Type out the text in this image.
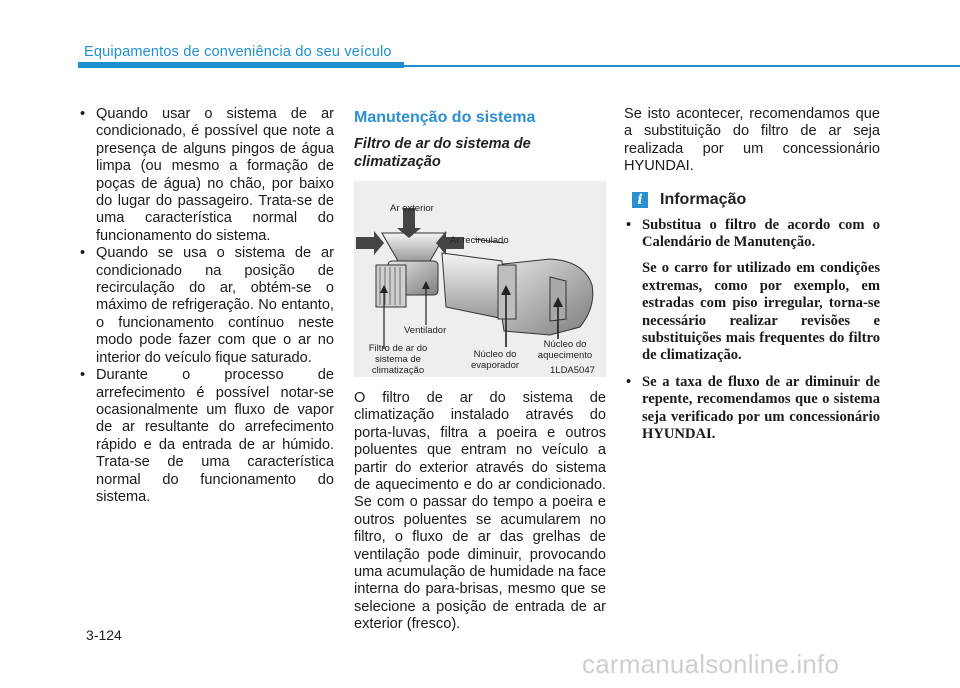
Equipamentos de conveniência do seu veículo
• Quando usar o sistema de ar condicionado, é possível que note a presença de alguns pingos de água limpa (ou mesmo a formação de poças de água) no chão, por baixo do lugar do passageiro. Trata-se de uma característica normal do funcionamento do sistema.
• Quando se usa o sistema de ar condicionado na posição de recirculação do ar, obtém-se o máximo de refrigeração. No entanto, o funcionamento contínuo neste modo pode fazer com que o ar no interior do veículo fique saturado.
• Durante o processo de arrefecimento é possível notar-se ocasionalmente um fluxo de vapor de ar resultante do arrefecimento rápido e da entrada de ar húmido. Trata-se de uma característica normal do funcionamento do sistema.
Manutenção do sistema
Filtro de ar do sistema de climatização
Ar exterior
Ar recirculado
Ventilador
Filtro de ar do sistema de climatização
Núcleo do evaporador
Núcleo do aquecimento
1LDA5047
O filtro de ar do sistema de climatização instalado através do porta-luvas, filtra a poeira e outros poluentes que entram no veículo a partir do exterior através do sistema de aquecimento e do ar condicionado. Se com o passar do tempo a poeira e outros poluentes se acumularem no filtro, o fluxo de ar das grelhas de ventilação pode diminuir, provocando uma acumulação de humidade na face interna do para-brisas, mesmo que se selecione a posição de entrada de ar exterior (fresco).
Se isto acontecer, recomendamos que a substituição do filtro de ar seja realizada por um concessionário HYUNDAI.
i	Informação
• Substitua o filtro de acordo com o Calendário de Manutenção.
Se o carro for utilizado em condições extremas, como por exemplo, em estradas com piso irregular, torna-se necessário realizar revisões e substituições mais frequentes do filtro de climatização.
• Se a taxa de fluxo de ar diminuir de repente, recomendamos que o sistema seja verificado por um concessionário HYUNDAI.
3-124
carmanualsonline.info
